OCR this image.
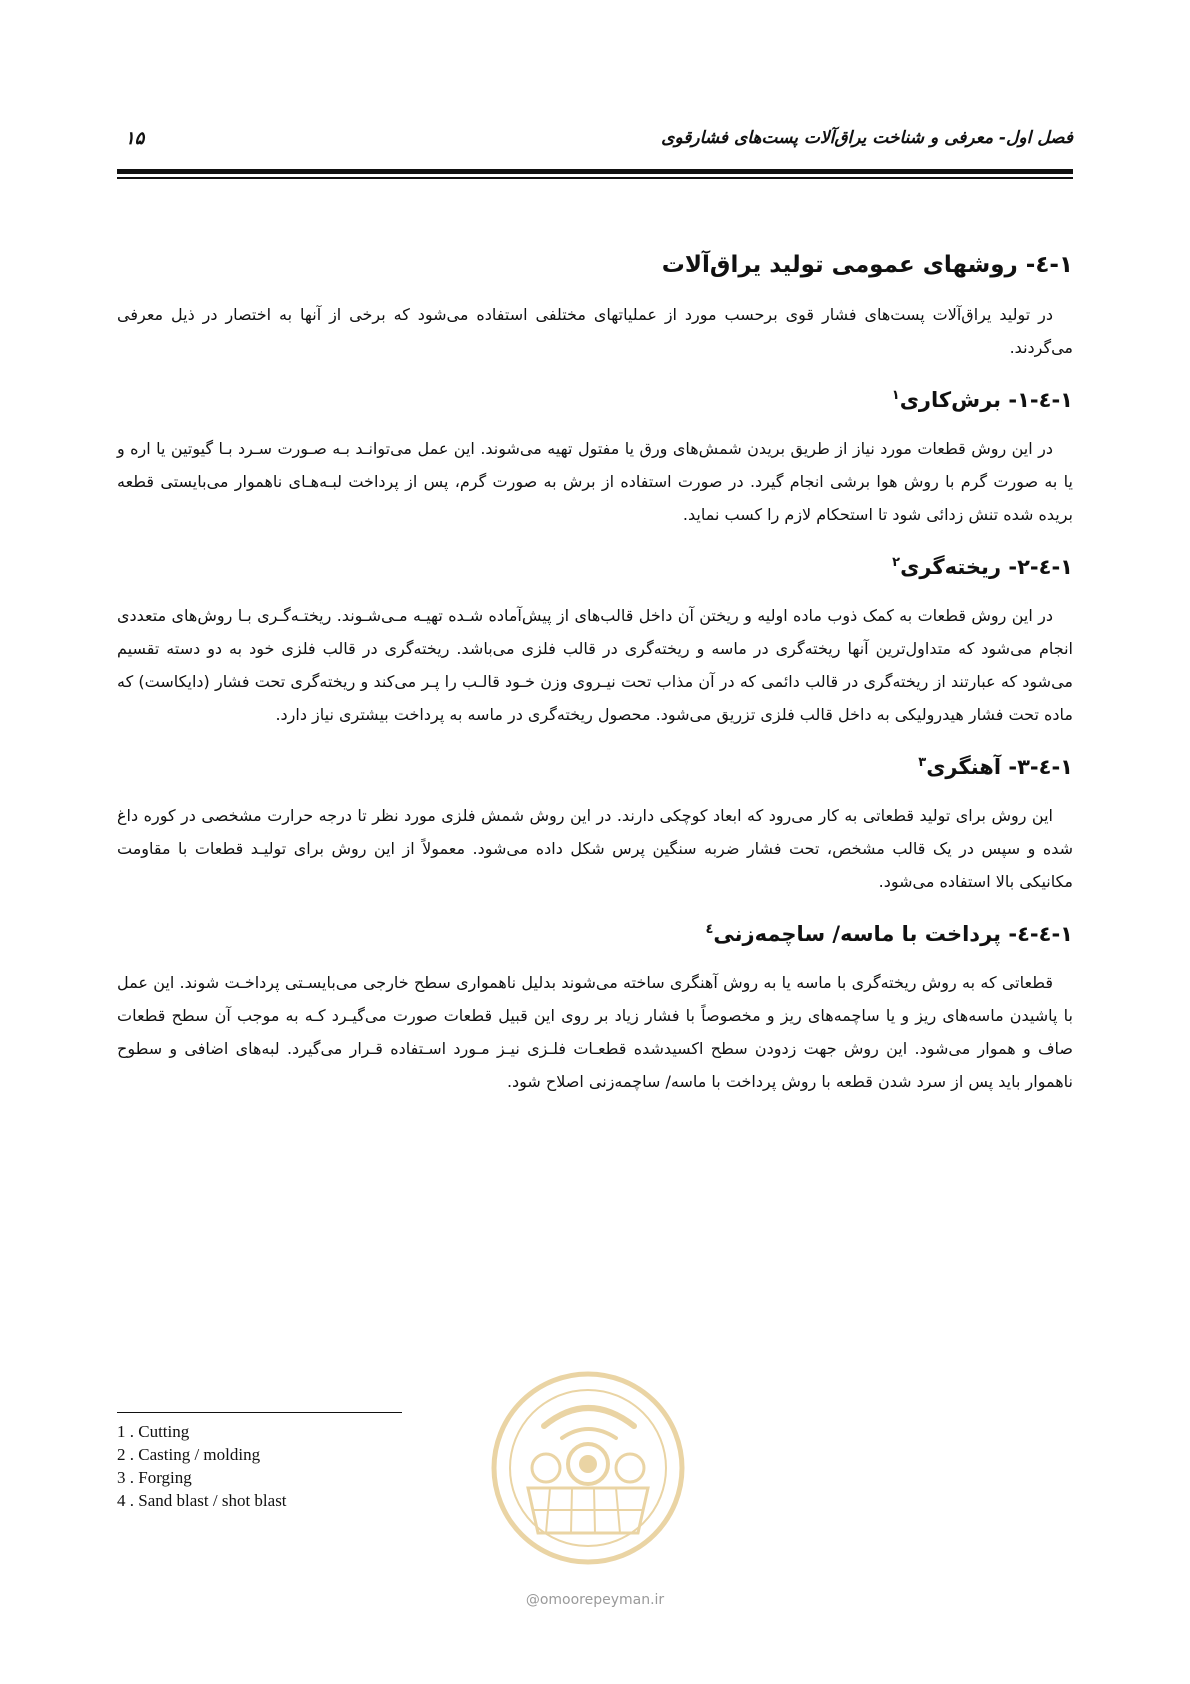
فصل اول- معرفی و شناخت یراق‌آلات پست‌های فشارقوی
۱۵
۱-٤- روشهای عمومی تولید یراق‌آلات

در تولید یراق‌آلات پست‌های فشار قوی برحسب مورد از عملیاتهای مختلفی استفاده می‌شود که برخی از آنها به اختصار در ذیل معرفی می‌گردند.

۱-٤-۱- برش‌کاری$^۱$

در این روش قطعات مورد نیاز از طریق بریدن شمش‌های ورق یا مفتول تهیه می‌شوند. این عمل می‌توانـد بـه صـورت سـرد بـا گیوتین یا اره و یا به صورت گرم با روش هوا برشی انجام گیرد. در صورت استفاده از برش به صورت گرم، پس از پرداخت لبـه‌هـای ناهموار می‌بایستی قطعه بریده شده تنش زدائی شود تا استحکام لازم را کسب نماید.

۱-٤-۲- ریخته‌گری$^۲$

در این روش قطعات به کمک ذوب ماده اولیه و ریختن آن داخل قالب‌های از پیش‌آماده شـده تهیـه مـی‌شـوند. ریختـه‌گـری بـا روش‌های متعددی انجام می‌شود که متداول‌ترین آنها ریخته‌گری در ماسه و ریخته‌گری در قالب فلزی می‌باشد. ریخته‌گری در قالب فلزی خود به دو دسته تقسیم می‌شود که عبارتند از ریخته‌گری در قالب دائمی که در آن مذاب تحت نیـروی وزن خـود قالـب را پـر می‌کند و ریخته‌گری تحت فشار (دایکاست) که ماده تحت فشار هیدرولیکی به داخل قالب فلزی تزریق می‌شود. محصول ریخته‌گری در ماسه به پرداخت بیشتری نیاز دارد.

۱-٤-۳- آهنگری$^۳$

این روش برای تولید قطعاتی به کار می‌رود که ابعاد کوچکی دارند. در این روش شمش فلزی مورد نظر تا درجه حرارت مشخصی در کوره داغ شده و سپس در یک قالب مشخص، تحت فشار ضربه سنگین پرس شکل داده می‌شود. معمولاً از این روش برای تولیـد قطعات با مقاومت مکانیکی بالا استفاده می‌شود.

۱-٤-٤- پرداخت با ماسه/ ساچمه‌زنی$^٤$

قطعاتی که به روش ریخته‌گری با ماسه یا به روش آهنگری ساخته می‌شوند بدلیل ناهمواری سطح خارجی می‌بایسـتی پرداخـت شوند. این عمل با پاشیدن ماسه‌های ریز و یا ساچمه‌های ریز و مخصوصاً با فشار زیاد بر روی این قبیل قطعات صورت می‌گیـرد کـه به موجب آن سطح قطعات صاف و هموار می‌شود. این روش جهت زدودن سطح اکسیدشده قطعـات فلـزی نیـز مـورد اسـتفاده قـرار می‌گیرد. لبه‌های اضافی و سطوح ناهموار باید پس از سرد شدن قطعه با روش پرداخت با ماسه/ ساچمه‌زنی اصلاح شود.

@omoorepeyman.ir
1 . Cutting
2 . Casting / molding
3 . Forging
4 . Sand blast / shot blast
